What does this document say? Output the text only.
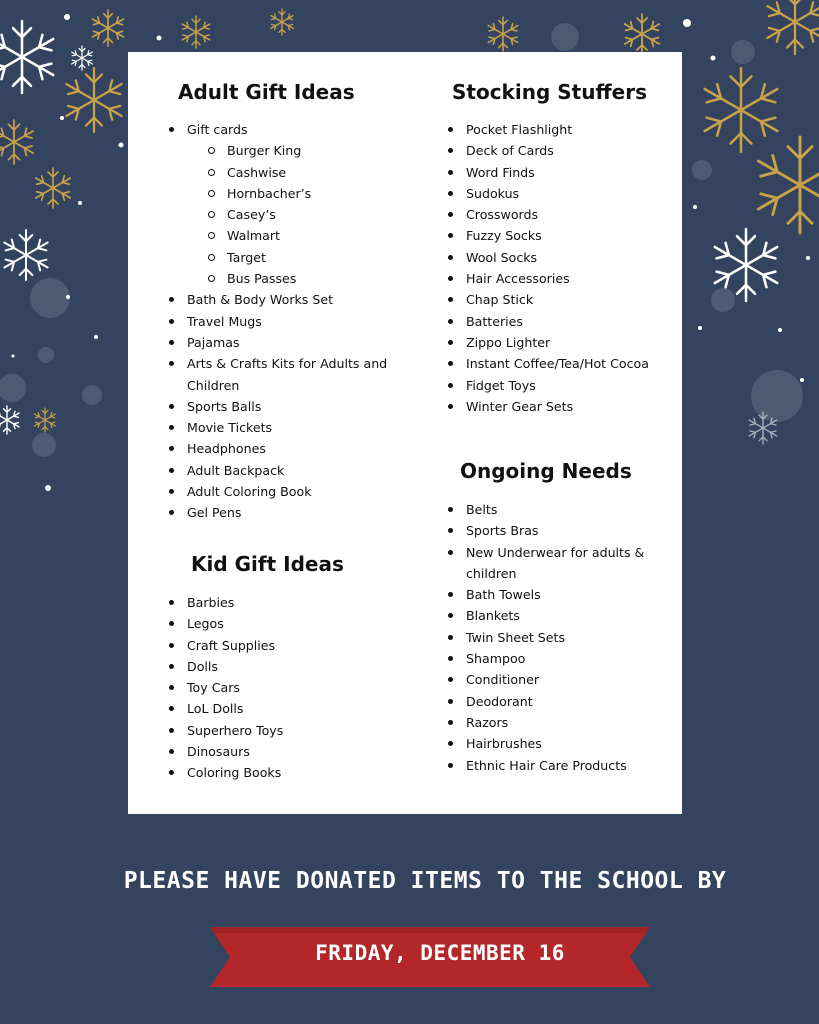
Adult Gift Ideas
Gift cards
Burger King
Cashwise
Hornbacher’s
Casey’s
Walmart
Target
Bus Passes
Bath & Body Works Set
Travel Mugs
Pajamas
Arts & Crafts Kits for Adults and
Children
Sports Balls
Movie Tickets
Headphones
Adult Backpack
Adult Coloring Book
Gel Pens
Kid Gift Ideas
Barbies
Legos
Craft Supplies
Dolls
Toy Cars
LoL Dolls
Superhero Toys
Dinosaurs
Coloring Books
Stocking Stuffers
Pocket Flashlight
Deck of Cards
Word Finds
Sudokus
Crosswords
Fuzzy Socks
Wool Socks
Hair Accessories
Chap Stick
Batteries
Zippo Lighter
Instant Coffee/Tea/Hot Cocoa
Fidget Toys
Winter Gear Sets
Ongoing Needs
Belts
Sports Bras
New Underwear for adults &
children
Bath Towels
Blankets
Twin Sheet Sets
Shampoo
Conditioner
Deodorant
Razors
Hairbrushes
Ethnic Hair Care Products
PLEASE HAVE DONATED ITEMS TO THE SCHOOL BY
FRIDAY, DECEMBER 16
